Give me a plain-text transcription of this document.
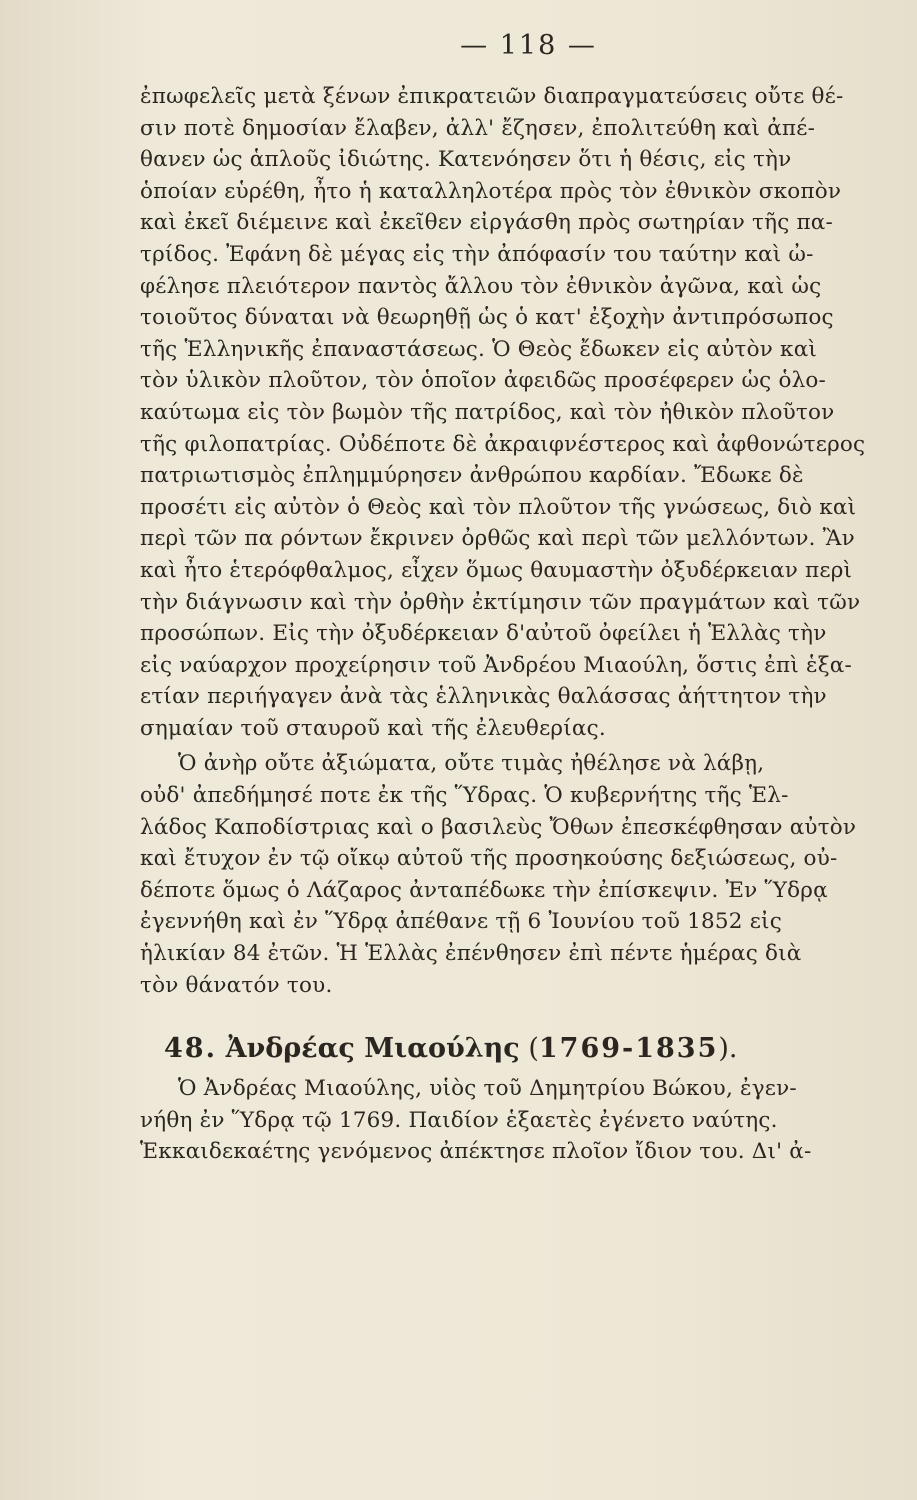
— 118 —
ἐπωφελεῖς μετὰ ξένων ἐπικρατειῶν διαπραγματεύσεις οὔτε θέ-
σιν ποτὲ δημοσίαν ἔλαβεν, ἀλλ' ἔζησεν, ἐπολιτεύθη καὶ ἀπέ-
θανεν ὡς ἁπλοῦς ἰδιώτης. Κατενόησεν ὅτι ἡ θέσις, εἰς τὴν
ὁποίαν εὑρέθη, ἦτο ἡ καταλληλοτέρα πρὸς τὸν ἐθνικὸν σκοπὸν
καὶ ἐκεῖ διέμεινε καὶ ἐκεῖθεν εἰργάσθη πρὸς σωτηρίαν τῆς πα-
τρίδος. Ἐφάνη δὲ μέγας εἰς τὴν ἀπόφασίν του ταύτην καὶ ὠ-
φέλησε πλειότερον παντὸς ἄλλου τὸν ἐθνικὸν ἀγῶνα, καὶ ὡς
τοιοῦτος δύναται νὰ θεωρηθῇ ὡς ὁ κατ' ἐξοχὴν ἀντιπρόσωπος
τῆς Ἑλληνικῆς ἐπαναστάσεως. Ὁ Θεὸς ἔδωκεν εἰς αὐτὸν καὶ
τὸν ὑλικὸν πλοῦτον, τὸν ὁποῖον ἀφειδῶς προσέφερεν ὡς ὁλο-
καύτωμα εἰς τὸν βωμὸν τῆς πατρίδος, καὶ τὸν ἠθικὸν πλοῦτον
τῆς φιλοπατρίας. Οὐδέποτε δὲ ἀκραιφνέστερος καὶ ἀφθονώτερος
πατριωτισμὸς ἐπλημμύρησεν ἀνθρώπου καρδίαν. Ἔδωκε δὲ
προσέτι εἰς αὐτὸν ὁ Θεὸς καὶ τὸν πλοῦτον τῆς γνώσεως, διὸ καὶ
περὶ τῶν πα ρόντων ἔκρινεν ὀρθῶς καὶ περὶ τῶν μελλόντων. Ἂν
καὶ ἦτο ἑτερόφθαλμος, εἶχεν ὅμως θαυμαστὴν ὀξυδέρκειαν περὶ
τὴν διάγνωσιν καὶ τὴν ὀρθὴν ἐκτίμησιν τῶν πραγμάτων καὶ τῶν
προσώπων. Εἰς τὴν ὀξυδέρκειαν δ'αὐτοῦ ὀφείλει ἡ Ἑλλὰς τὴν
εἰς ναύαρχον προχείρησιν τοῦ Ἀνδρέου Μιαούλη, ὅστις ἐπὶ ἑξα-
ετίαν περιήγαγεν ἀνὰ τὰς ἑλληνικὰς θαλάσσας ἀήττητον τὴν
σημαίαν τοῦ σταυροῦ καὶ τῆς ἐλευθερίας.
Ὁ ἀνὴρ οὔτε ἀξιώματα, οὔτε τιμὰς ἠθέλησε νὰ λάβῃ,
οὐδ' ἀπεδήμησέ ποτε ἐκ τῆς Ὕδρας. Ὁ κυβερνήτης τῆς Ἑλ-
λάδος Καποδίστριας καὶ ο βασιλεὺς Ὄθων ἐπεσκέφθησαν αὐτὸν
καὶ ἔτυχον ἐν τῷ οἴκῳ αὐτοῦ τῆς προσηκούσης δεξιώσεως, οὐ-
δέποτε ὅμως ὁ Λάζαρος ἀνταπέδωκε τὴν ἐπίσκεψιν. Ἐν Ὕδρᾳ
ἐγεννήθη καὶ ἐν Ὕδρᾳ ἀπέθανε τῇ 6 Ἰουνίου τοῦ 1852 εἰς
ἡλικίαν 84 ἐτῶν. Ἡ Ἑλλὰς ἐπένθησεν ἐπὶ πέντε ἡμέρας διὰ
τὸν θάνατόν του.
48. Ἀνδρέας Μιαούλης (1769-1835).
Ὁ Ἀνδρέας Μιαούλης, υἱὸς τοῦ Δημητρίου Βώκου, ἐγεν-
νήθη ἐν Ὕδρᾳ τῷ 1769. Παιδίον ἑξαετὲς ἐγένετο ναύτης.
Ἑκκαιδεκαέτης γενόμενος ἀπέκτησε πλοῖον ἴδιον του. Δι' ἀ-
